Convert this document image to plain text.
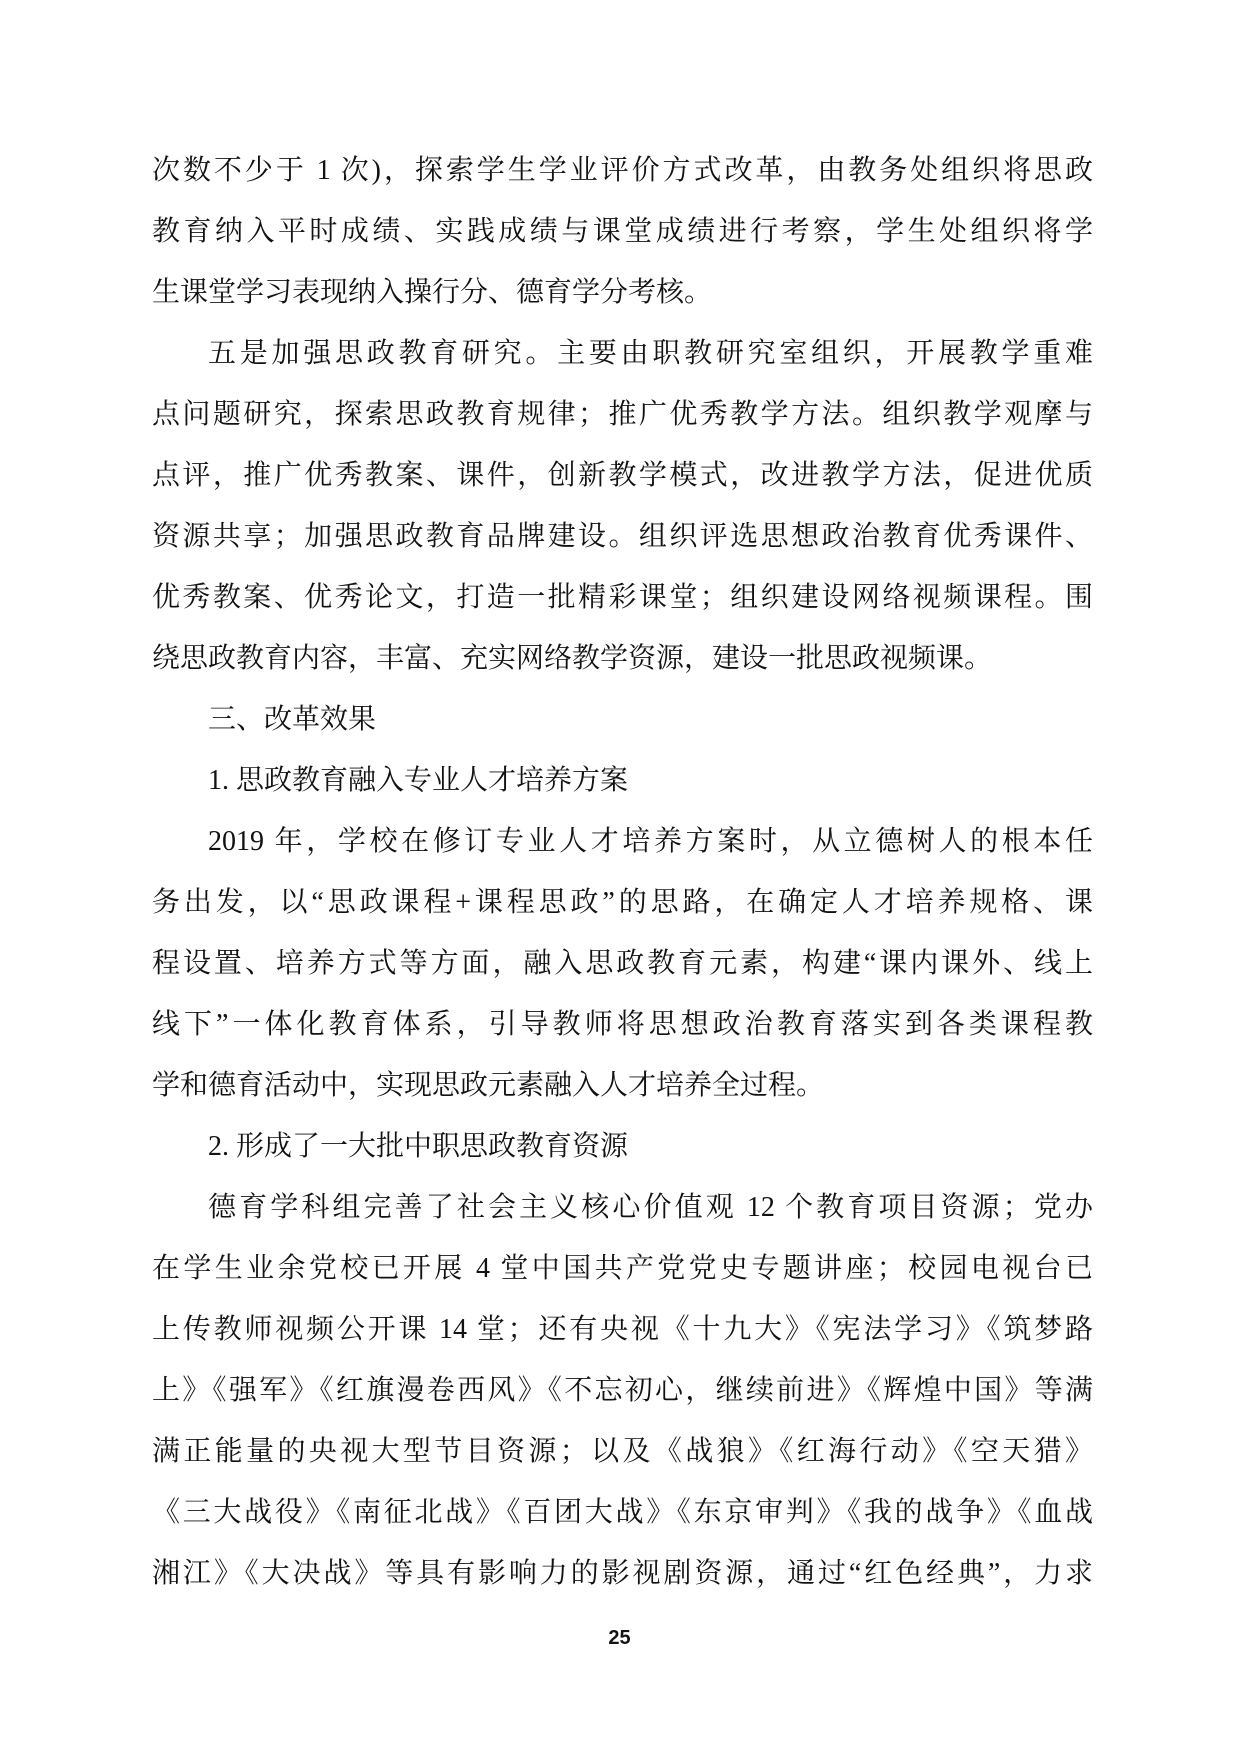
次数不少于 1 次)，探索学生学业评价方式改革，由教务处组织将思政

教育纳入平时成绩、实践成绩与课堂成绩进行考察，学生处组织将学

生课堂学习表现纳入操行分、德育学分考核。

五是加强思政教育研究。主要由职教研究室组织，开展教学重难

点问题研究，探索思政教育规律；推广优秀教学方法。组织教学观摩与

点评，推广优秀教案、课件，创新教学模式，改进教学方法，促进优质

资源共享；加强思政教育品牌建设。组织评选思想政治教育优秀课件、

优秀教案、优秀论文，打造一批精彩课堂；组织建设网络视频课程。围

绕思政教育内容，丰富、充实网络教学资源，建设一批思政视频课。

三、改革效果

1. 思政教育融入专业人才培养方案

2019 年，学校在修订专业人才培养方案时，从立德树人的根本任

务出发，以“思政课程+课程思政”的思路，在确定人才培养规格、课

程设置、培养方式等方面，融入思政教育元素，构建“课内课外、线上

线下”一体化教育体系，引导教师将思想政治教育落实到各类课程教

学和德育活动中，实现思政元素融入人才培养全过程。

2. 形成了一大批中职思政教育资源

德育学科组完善了社会主义核心价值观 12 个教育项目资源；党办

在学生业余党校已开展 4 堂中国共产党党史专题讲座；校园电视台已

上传教师视频公开课 14 堂；还有央视《十九大》《宪法学习》《筑梦路

上》《强军》《红旗漫卷西风》《不忘初心，继续前进》《辉煌中国》等满

满正能量的央视大型节目资源；以及《战狼》《红海行动》《空天猎》

《三大战役》《南征北战》《百团大战》《东京审判》《我的战争》《血战

湘江》《大决战》等具有影响力的影视剧资源，通过“红色经典”，力求

25
